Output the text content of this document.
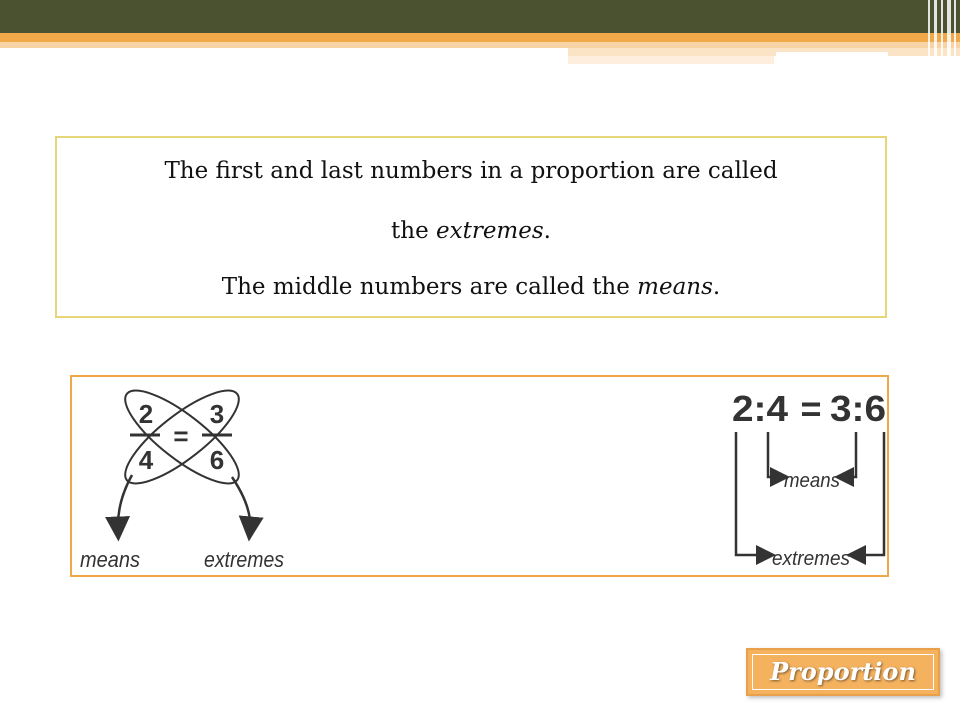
The first and last numbers in a proportion are called
the extremes.
The middle numbers are called the means.
2 3
4 6
=
means	extremes
2:4 = 3:6
means
extremes
Proportion
